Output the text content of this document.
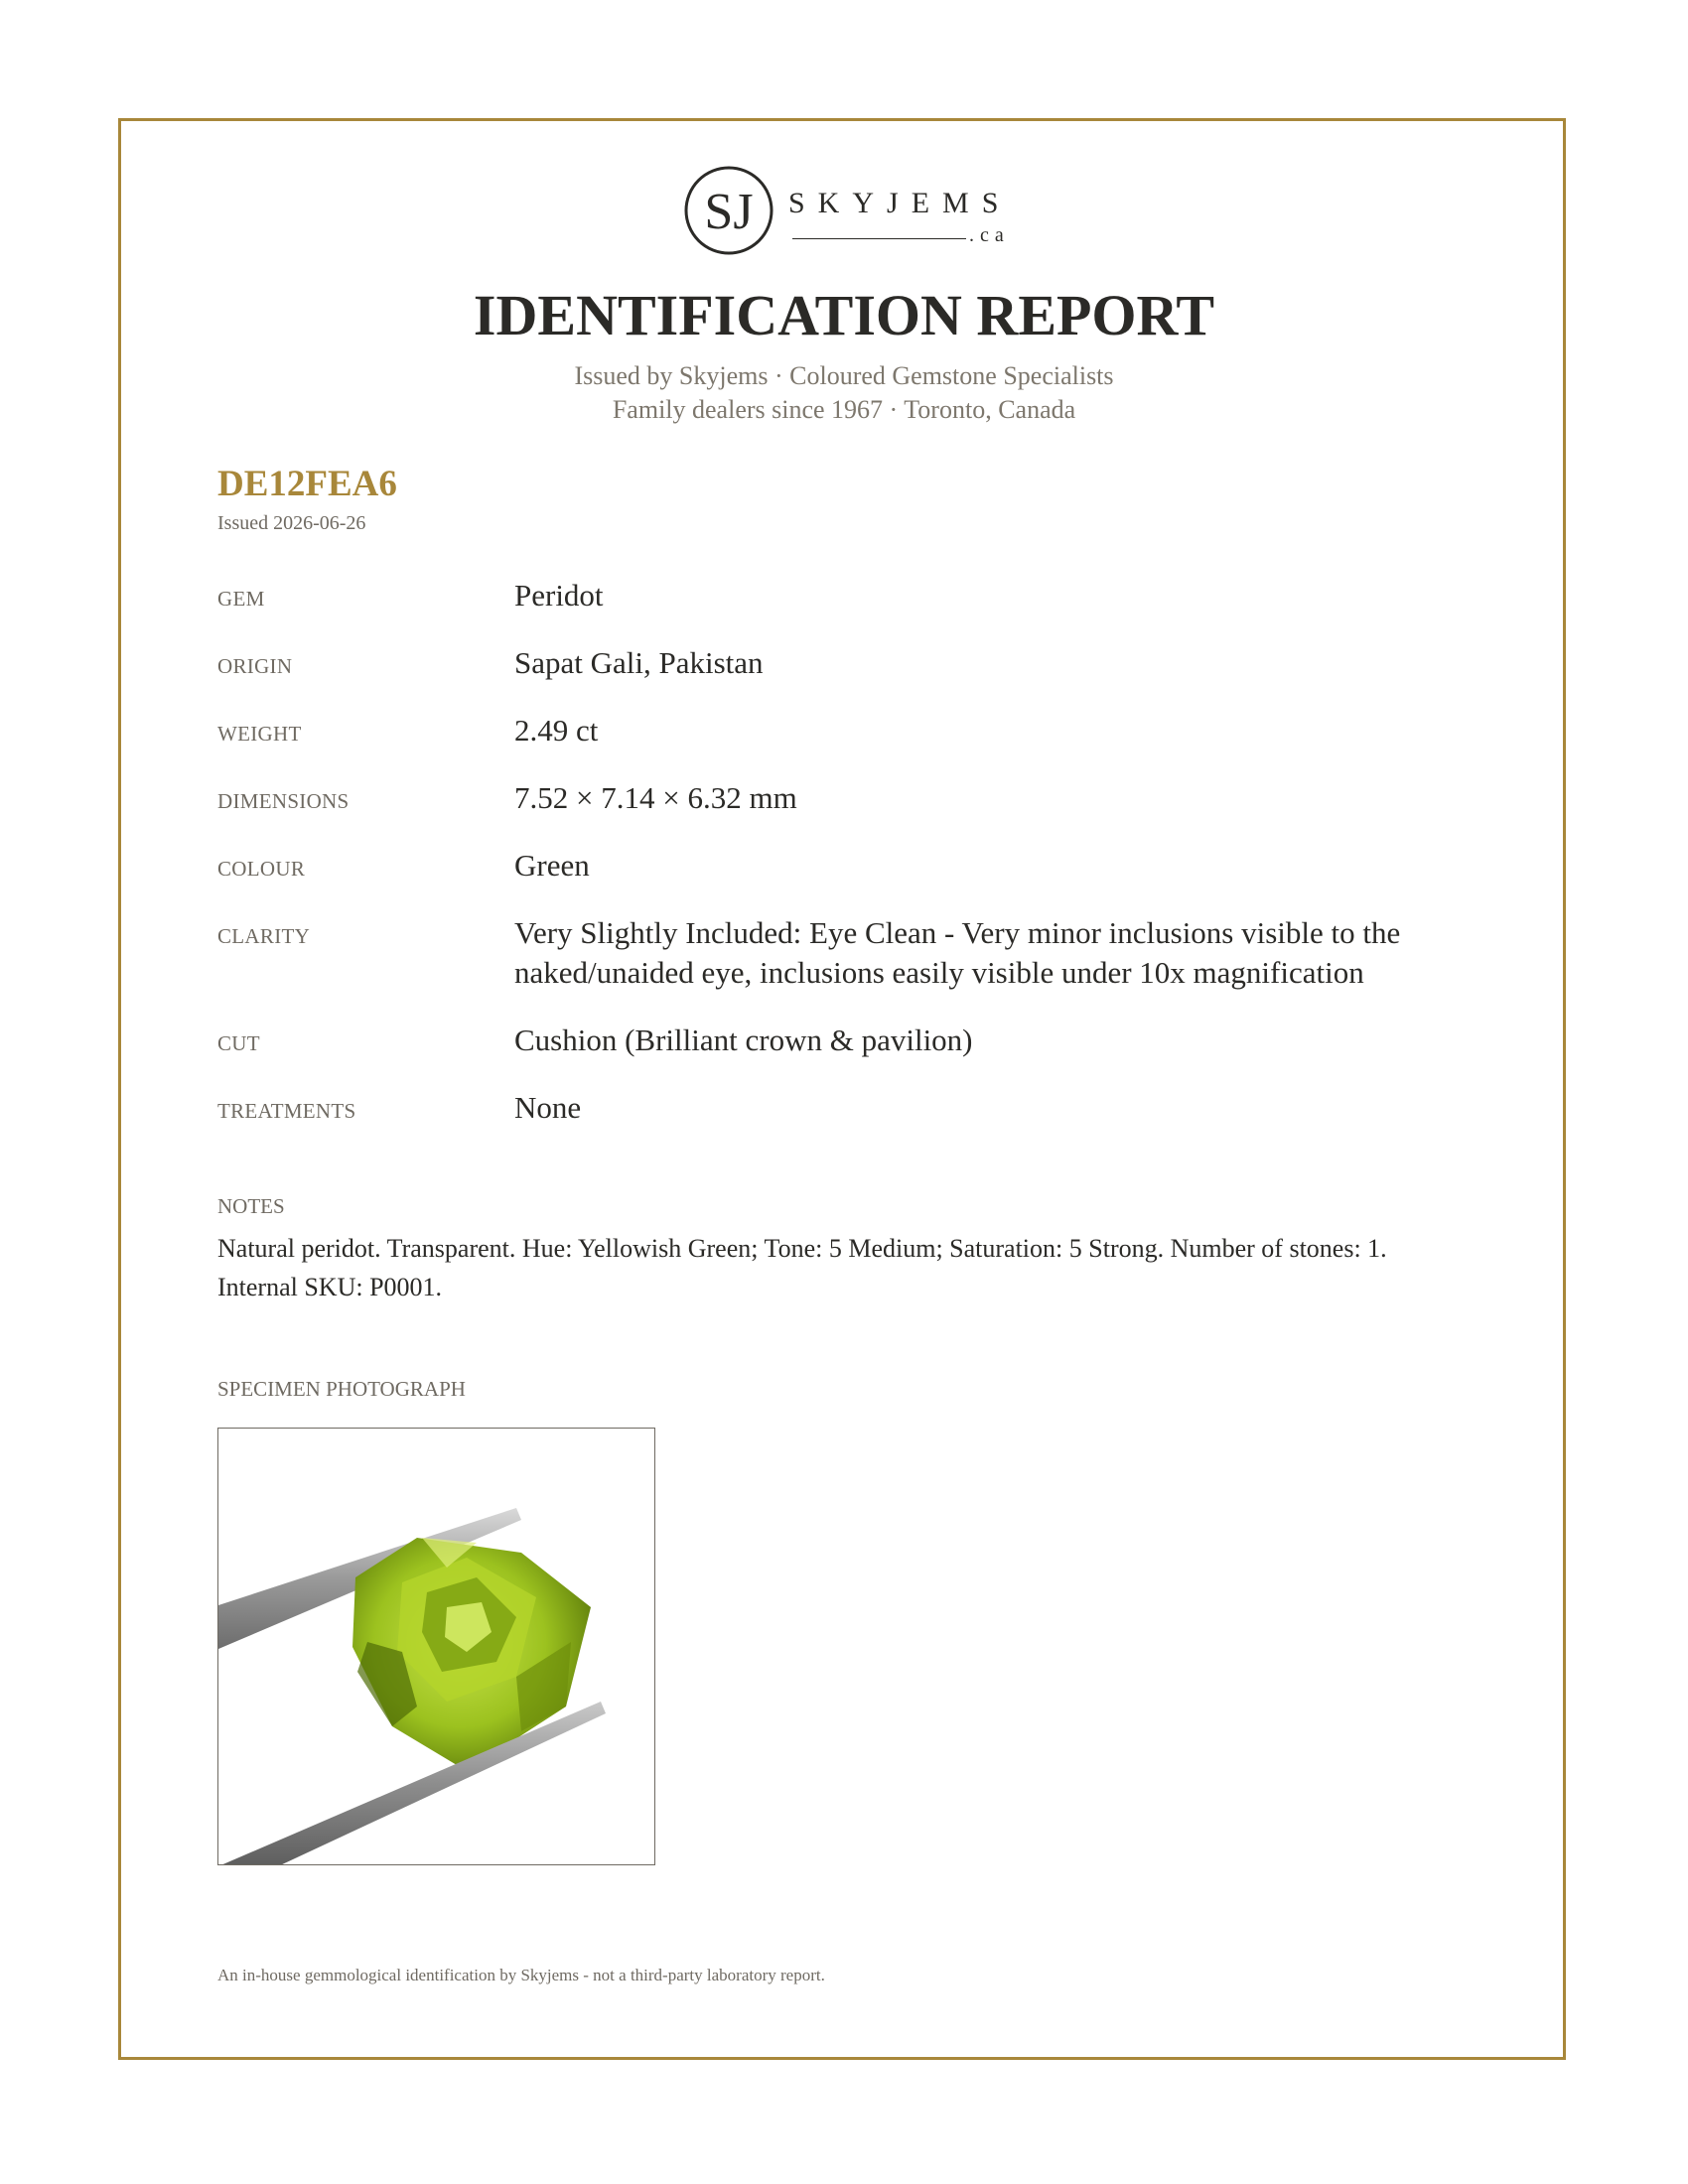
SJ SKYJEMS
.ca
IDENTIFICATION REPORT
Issued by Skyjems · Coloured Gemstone Specialists
Family dealers since 1967 · Toronto, Canada
DE12FEA6
Issued 2026-06-26
GEM	Peridot
ORIGIN	Sapat Gali, Pakistan
WEIGHT	2.49 ct
DIMENSIONS	7.52 × 7.14 × 6.32 mm
COLOUR	Green
CLARITY	Very Slightly Included: Eye Clean - Very minor inclusions visible to the naked/unaided eye, inclusions easily visible under 10x magnification
CUT	Cushion (Brilliant crown & pavilion)
TREATMENTS	None
NOTES
Natural peridot. Transparent. Hue: Yellowish Green; Tone: 5 Medium; Saturation: 5 Strong. Number of stones: 1. Internal SKU: P0001.
SPECIMEN PHOTOGRAPH
An in-house gemmological identification by Skyjems - not a third-party laboratory report.
